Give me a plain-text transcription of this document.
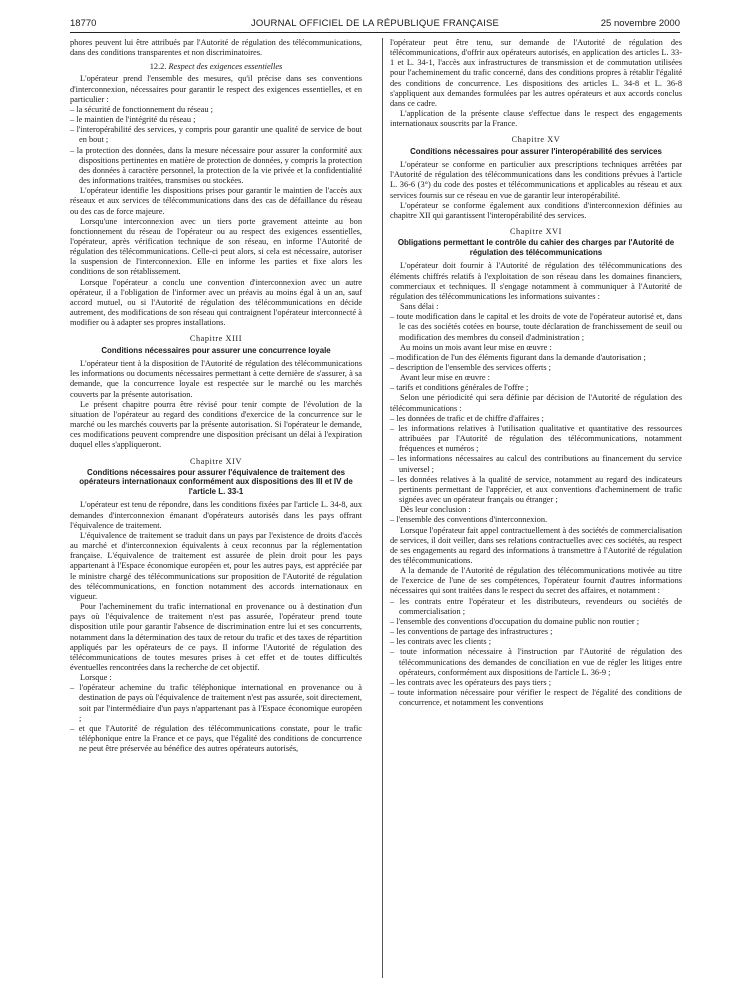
18770	JOURNAL OFFICIEL DE LA RÉPUBLIQUE FRANÇAISE	25 novembre 2000

phores peuvent lui être attribués par l'Autorité de régulation des télécommunications, dans des conditions transparentes et non discriminatoires.

12.2. Respect des exigences essentielles

L'opérateur prend l'ensemble des mesures, qu'il précise dans ses conventions d'interconnexion, nécessaires pour garantir le respect des exigences essentielles, et en particulier :

– la sécurité de fonctionnement du réseau ;

– le maintien de l'intégrité du réseau ;

– l'interopérabilité des services, y compris pour garantir une qualité de service de bout en bout ;

– la protection des données, dans la mesure nécessaire pour assurer la conformité aux dispositions pertinentes en matière de protection de données, y compris la protection des données à caractère personnel, la protection de la vie privée et la confidentialité des informations traitées, transmises ou stockées.

L'opérateur identifie les dispositions prises pour garantir le maintien de l'accès aux réseaux et aux services de télécommunications dans des cas de défaillance du réseau ou des cas de force majeure.

Lorsqu'une interconnexion avec un tiers porte gravement atteinte au bon fonctionnement du réseau de l'opérateur ou au respect des exigences essentielles, l'opérateur, après vérification technique de son réseau, en informe l'Autorité de régulation des télécommunications. Celle-ci peut alors, si cela est nécessaire, autoriser la suspension de l'interconnexion. Elle en informe les parties et fixe alors les conditions de son rétablissement.

Lorsque l'opérateur a conclu une convention d'interconnexion avec un autre opérateur, il a l'obligation de l'informer avec un préavis au moins égal à un an, sauf accord mutuel, ou si l'Autorité de régulation des télécommunications en décide autrement, des modifications de son réseau qui contraignent l'opérateur interconnecté à modifier ou à adapter ses propres installations.

Chapitre XIII
Conditions nécessaires pour assurer une concurrence loyale

L'opérateur tient à la disposition de l'Autorité de régulation des télécommunications les informations ou documents nécessaires permettant à cette dernière de s'assurer, à sa demande, que la concurrence loyale est respectée sur le marché ou les marchés couverts par la présente autorisation.

Le présent chapitre pourra être révisé pour tenir compte de l'évolution de la situation de l'opérateur au regard des conditions d'exercice de la concurrence sur le marché ou les marchés couverts par la présente autorisation. Si l'opérateur le demande, ces modifications peuvent comprendre une disposition précisant un délai à l'expiration duquel elles s'appliqueront.

Chapitre XIV
Conditions nécessaires pour assurer l'équivalence de traitement des opérateurs internationaux conformément aux dispositions des III et IV de l'article L. 33-1

L'opérateur est tenu de répondre, dans les conditions fixées par l'article L. 34-8, aux demandes d'interconnexion émanant d'opérateurs autorisés dans les pays offrant l'équivalence de traitement.

L'équivalence de traitement se traduit dans un pays par l'existence de droits d'accès au marché et d'interconnexion équivalents à ceux reconnus par la réglementation française. L'équivalence de traitement est assurée de plein droit pour les pays appartenant à l'Espace économique européen et, pour les autres pays, est appréciée par le ministre chargé des télécommunications sur proposition de l'Autorité de régulation des télécommunications, en fonction notamment des accords internationaux en vigueur.

Pour l'acheminement du trafic international en provenance ou à destination d'un pays où l'équivalence de traitement n'est pas assurée, l'opérateur prend toute disposition utile pour garantir l'absence de discrimination entre lui et ses concurrents, notamment dans la détermination des taux de retour du trafic et des taxes de répartition appliqués par les opérateurs de ce pays. Il informe l'Autorité de régulation des télécommunications de toutes mesures prises à cet effet et de toutes difficultés éventuelles rencontrées dans la recherche de cet objectif.

Lorsque :

– l'opérateur achemine du trafic téléphonique international en provenance ou à destination de pays où l'équivalence de traitement n'est pas assurée, soit directement, soit par l'intermédiaire d'un pays n'appartenant pas à l'Espace économique européen ;

– et que l'Autorité de régulation des télécommunications constate, pour le trafic téléphonique entre la France et ce pays, que l'égalité des conditions de concurrence ne peut être préservée au bénéfice des autres opérateurs autorisés,

l'opérateur peut être tenu, sur demande de l'Autorité de régulation des télécommunications, d'offrir aux opérateurs autorisés, en application des articles L. 33-1 et L. 34-1, l'accès aux infrastructures de transmission et de commutation utilisées pour l'acheminement du trafic concerné, dans des conditions propres à rétablir l'égalité des conditions de concurrence. Les dispositions des articles L. 34-8 et L. 36-8 s'appliquent aux demandes formulées par les autres opérateurs et aux accords conclus dans ce cadre.

L'application de la présente clause s'effectue dans le respect des engagements internationaux souscrits par la France.

Chapitre XV
Conditions nécessaires pour assurer l'interopérabilité des services

L'opérateur se conforme en particulier aux prescriptions techniques arrêtées par l'Autorité de régulation des télécommunications dans les conditions prévues à l'article L. 36-6 (3°) du code des postes et télécommunications et applicables au réseau et aux services fournis sur ce réseau en vue de garantir leur interopérabilité.

L'opérateur se conforme également aux conditions d'interconnexion définies au chapitre XII qui garantissent l'interopérabilité des services.

Chapitre XVI
Obligations permettant le contrôle du cahier des charges par l'Autorité de régulation des télécommunications

L'opérateur doit fournir à l'Autorité de régulation des télécommunications des éléments chiffrés relatifs à l'exploitation de son réseau dans les domaines financiers, commerciaux et techniques. Il s'engage notamment à communiquer à l'Autorité de régulation des télécommunications les informations suivantes :

Sans délai :

– toute modification dans le capital et les droits de vote de l'opérateur autorisé et, dans le cas des sociétés cotées en bourse, toute déclaration de franchissement de seuil ou modification des membres du conseil d'administration ;

Au moins un mois avant leur mise en œuvre :

– modification de l'un des éléments figurant dans la demande d'autorisation ;

– description de l'ensemble des services offerts ;

Avant leur mise en œuvre :

– tarifs et conditions générales de l'offre ;

Selon une périodicité qui sera définie par décision de l'Autorité de régulation des télécommunications :

– les données de trafic et de chiffre d'affaires ;

– les informations relatives à l'utilisation qualitative et quantitative des ressources attribuées par l'Autorité de régulation des télécommunications, notamment fréquences et numéros ;

– les informations nécessaires au calcul des contributions au financement du service universel ;

– les données relatives à la qualité de service, notamment au regard des indicateurs pertinents permettant de l'apprécier, et aux conventions d'acheminement de trafic signées avec un opérateur français ou étranger ;

Dès leur conclusion :

– l'ensemble des conventions d'interconnexion.

Lorsque l'opérateur fait appel contractuellement à des sociétés de commercialisation de services, il doit veiller, dans ses relations contractuelles avec ces sociétés, au respect de ses engagements au regard des informations à transmettre à l'Autorité de régulation des télécommunications.

A la demande de l'Autorité de régulation des télécommunications motivée au titre de l'exercice de l'une de ses compétences, l'opérateur fournit d'autres informations nécessaires qui sont traitées dans le respect du secret des affaires, et notamment :

– les contrats entre l'opérateur et les distributeurs, revendeurs ou sociétés de commercialisation ;

– l'ensemble des conventions d'occupation du domaine public non routier ;

– les conventions de partage des infrastructures ;

– les contrats avec les clients ;

– toute information nécessaire à l'instruction par l'Autorité de régulation des télécommunications des demandes de conciliation en vue de régler les litiges entre opérateurs, conformément aux dispositions de l'article L. 36-9 ;

– les contrats avec les opérateurs des pays tiers ;

– toute information nécessaire pour vérifier le respect de l'égalité des conditions de concurrence, et notamment les conventions
